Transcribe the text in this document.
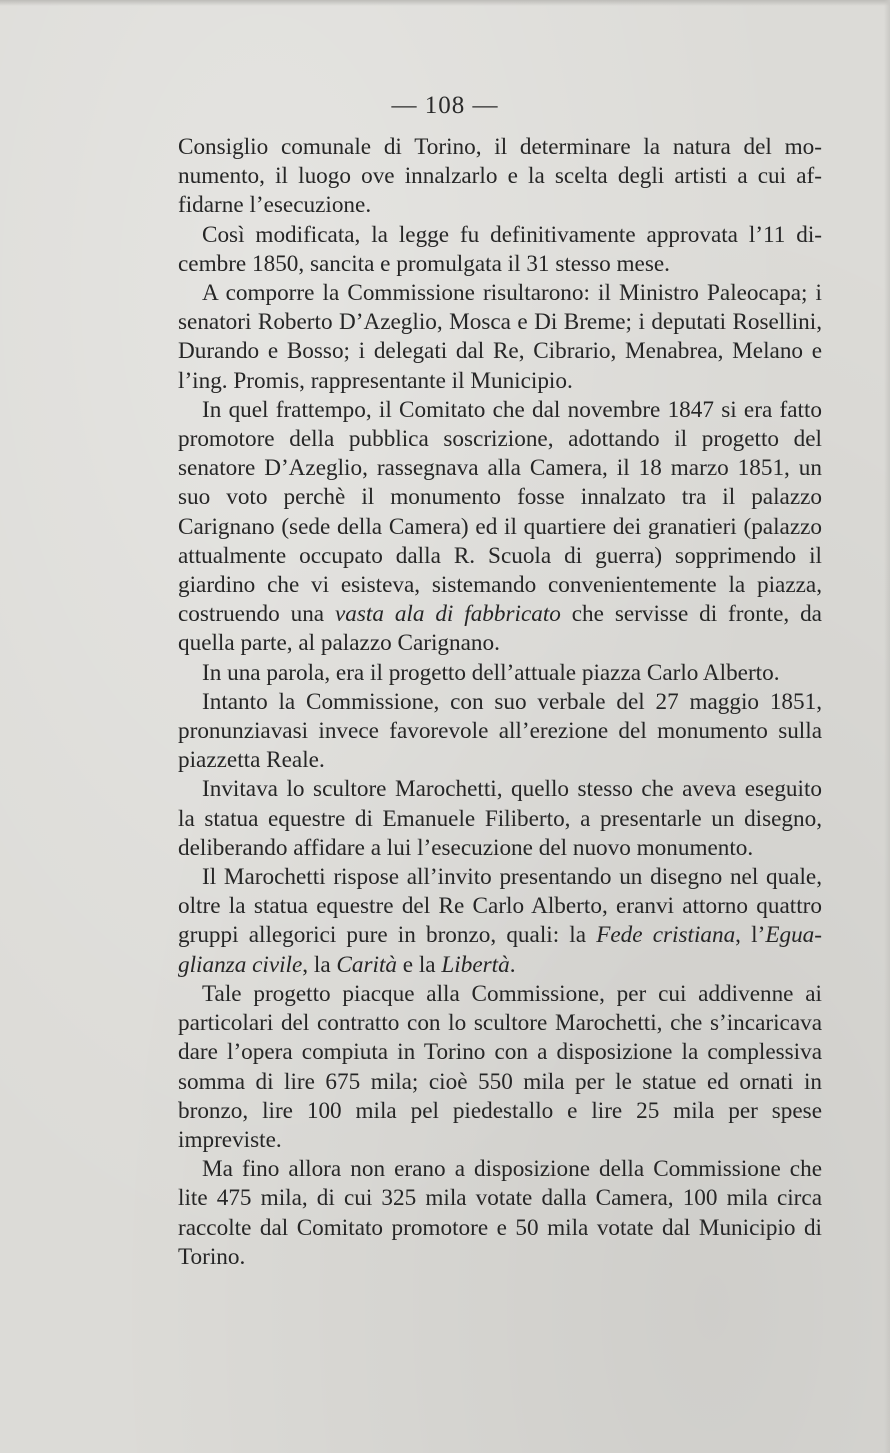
— 108 —

Consiglio comunale di Torino, il determinare la natura del monumento, il luogo ove innalzarlo e la scelta degli artisti a cui affidarne l’esecuzione.

Così modificata, la legge fu definitivamente approvata l’11 dicembre 1850, sancita e promulgata il 31 stesso mese.

A comporre la Commissione risultarono: il Ministro Paleocapa; i senatori Roberto D’Azeglio, Mosca e Di Breme; i deputati Rosellini, Durando e Bosso; i delegati dal Re, Cibrario, Menabrea, Melano e l’ing. Promis, rappresentante il Municipio.

In quel frattempo, il Comitato che dal novembre 1847 si era fatto promotore della pubblica soscrizione, adottando il progetto del senatore D’Azeglio, rassegnava alla Camera, il 18 marzo 1851, un suo voto perchè il monumento fosse innalzato tra il palazzo Carignano (sede della Camera) ed il quartiere dei granatieri (palazzo attualmente occupato dalla R. Scuola di guerra) sopprimendo il giardino che vi esisteva, sistemando convenientemente la piazza, costruendo una vasta ala di fabbricato che servisse di fronte, da quella parte, al palazzo Carignano.

In una parola, era il progetto dell’attuale piazza Carlo Alberto.

Intanto la Commissione, con suo verbale del 27 maggio 1851, pronunziavasi invece favorevole all’erezione del monumento sulla piazzetta Reale.

Invitava lo scultore Marochetti, quello stesso che aveva eseguito la statua equestre di Emanuele Filiberto, a presentarle un disegno, deliberando affidare a lui l’esecuzione del nuovo monumento.

Il Marochetti rispose all’invito presentando un disegno nel quale, oltre la statua equestre del Re Carlo Alberto, eranvi attorno quattro gruppi allegorici pure in bronzo, quali: la Fede cristiana, l’Eguaglianza civile, la Carità e la Libertà.

Tale progetto piacque alla Commissione, per cui addivenne ai particolari del contratto con lo scultore Marochetti, che s’incaricava dare l’opera compiuta in Torino con a disposizione la complessiva somma di lire 675 mila; cioè 550 mila per le statue ed ornati in bronzo, lire 100 mila pel piedestallo e lire 25 mila per spese impreviste.

Ma fino allora non erano a disposizione della Commissione che lite 475 mila, di cui 325 mila votate dalla Camera, 100 mila circa raccolte dal Comitato promotore e 50 mila votate dal Municipio di Torino.
